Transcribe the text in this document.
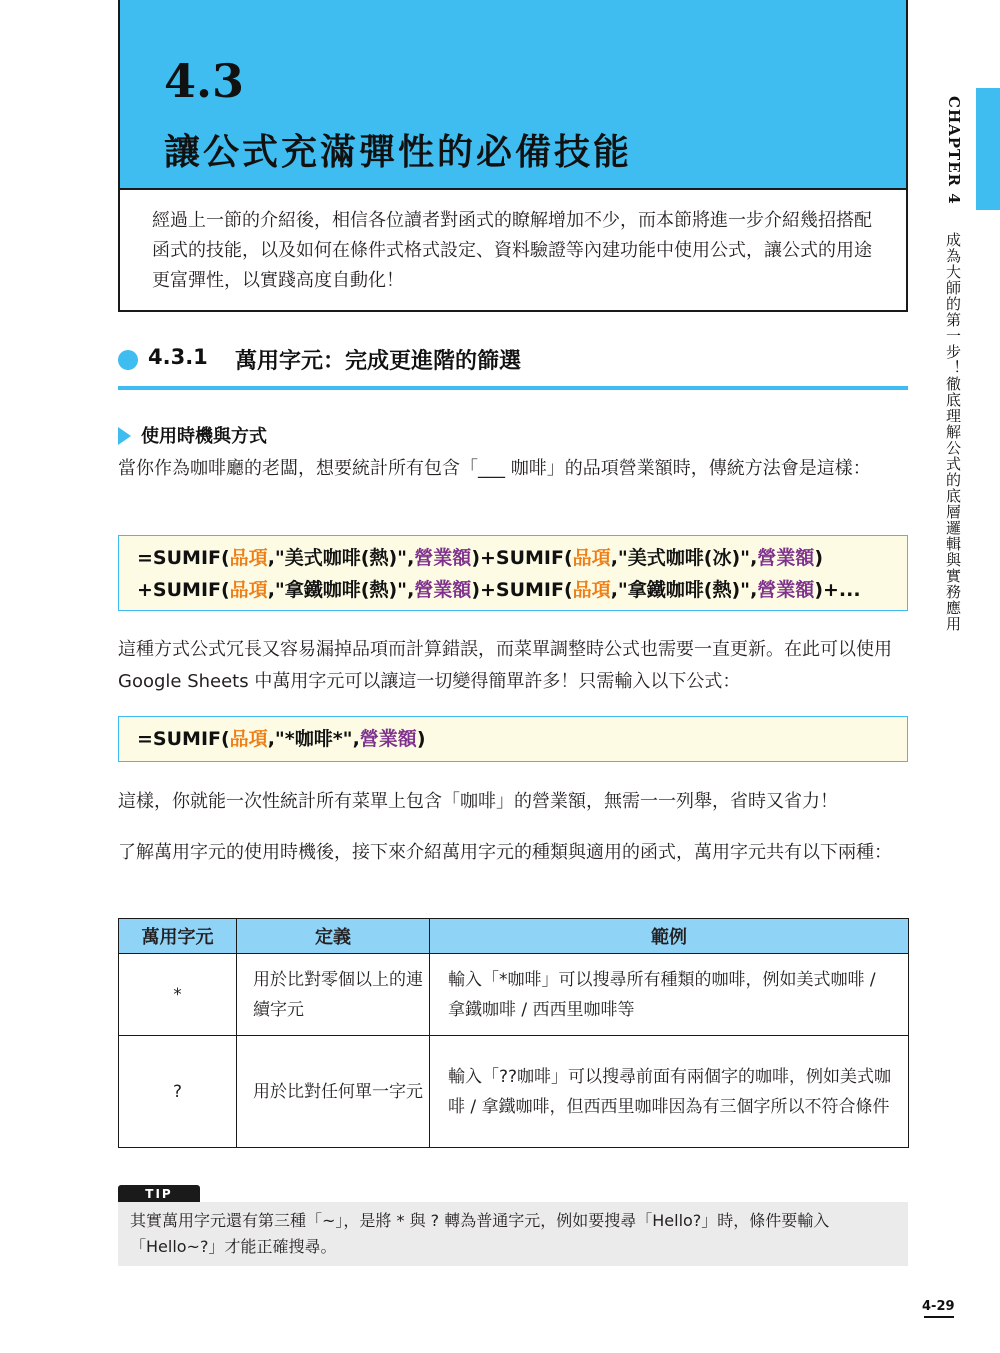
4.3
讓公式充滿彈性的必備技能
經過上一節的介紹後，相信各位讀者對函式的瞭解增加不少，而本節將進一步介紹幾招搭配函式的技能，以及如何在條件式格式設定、資料驗證等內建功能中使用公式，讓公式的用途更富彈性，以實踐高度自動化！
4.3.1 萬用字元：完成更進階的篩選
使用時機與方式

當你作為咖啡廳的老闆，想要統計所有包含「___ 咖啡」的品項營業額時，傳統方法會是這樣：

=SUMIF(品項,"美式咖啡(熱)",營業額)+SUMIF(品項,"美式咖啡(冰)",營業額)
+SUMIF(品項,"拿鐵咖啡(熱)",營業額)+SUMIF(品項,"拿鐵咖啡(熱)",營業額)+...

這種方式公式冗長又容易漏掉品項而計算錯誤，而菜單調整時公式也需要一直更新。在此可以使用 Google Sheets 中萬用字元可以讓這一切變得簡單許多！只需輸入以下公式：

=SUMIF(品項,"*咖啡*",營業額)

這樣，你就能一次性統計所有菜單上包含「咖啡」的營業額，無需一一列舉，省時又省力！

了解萬用字元的使用時機後，接下來介紹萬用字元的種類與適用的函式，萬用字元共有以下兩種：

萬用字元	定義	範例
*	用於比對零個以上的連續字元	輸入「*咖啡」可以搜尋所有種類的咖啡，例如美式咖啡 / 拿鐵咖啡 / 西西里咖啡等
?	用於比對任何單一字元	輸入「??咖啡」可以搜尋前面有兩個字的咖啡，例如美式咖啡 / 拿鐵咖啡，但西西里咖啡因為有三個字所以不符合條件
TIP
其實萬用字元還有第三種「~」，是將 * 與 ? 轉為普通字元，例如要搜尋「Hello?」時，條件要輸入「Hello~?」才能正確搜尋。
CHAPTER 4
成為大師的第一步！徹底理解公式的底層邏輯與實務應用
4-29
